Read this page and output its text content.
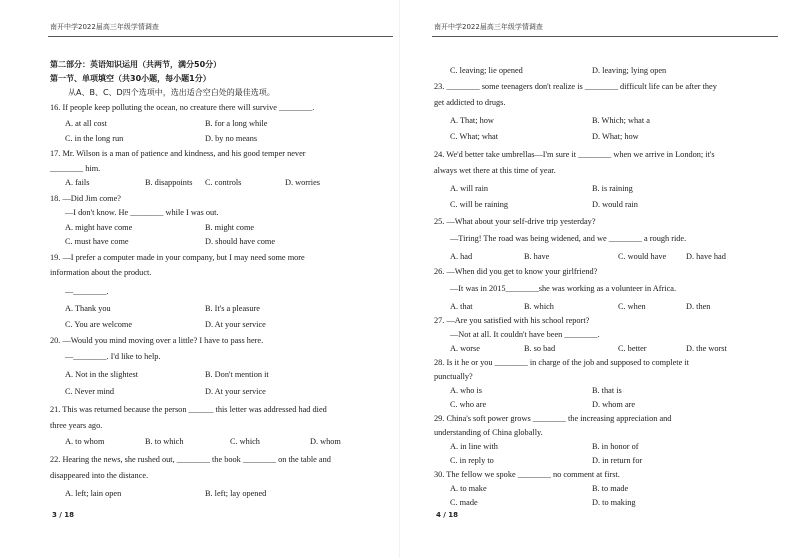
南开中学2022届高三年级学情调查
第二部分：英语知识运用（共两节，满分50分）
第一节、单项填空（共30小题，每小题1分）
从A、B、C、D四个选项中，选出适合空白处的最佳选项。
16. If people keep polluting the ocean, no creature there will survive ________.
A. at all cost	B. for a long while
C. in the long run	D. by no means
17. Mr. Wilson is a man of patience and kindness, and his good temper never
________ him.
A. fails	B. disappoints C. controls	D. worries
18. —Did Jim come?
—I don't know. He ________ while I was out.
A. might have come	B. might come
C. must have come	D. should have come
19. —I prefer a computer made in your company, but I may need some more
information about the product.
—________.
A. Thank you	B. It's a pleasure
C. You are welcome	D. At your service
20. —Would you mind moving over a little? I have to pass here.
—________. I'd like to help.
A. Not in the slightest	B. Don't mention it
C. Never mind	D. At your service
21. This was returned because the person ______ this letter was addressed had died
three years ago.
A. to whom	B. to which	C. which	D. whom
22. Hearing the news, she rushed out, ________ the book ________ on the table and
disappeared into the distance.
A. left; lain open	B. left; lay opened
3 / 18
南开中学2022届高三年级学情调查
C. leaving; lie opened	D. leaving; lying open
23. ________ some teenagers don't realize is ________ difficult life can be after they
get addicted to drugs.
A. That; how	B. Which; what a
C. What; what	D. What; how
24. We'd better take umbrellas—I'm sure it ________ when we arrive in London; it's
always wet there at this time of year.
A. will rain	B. is raining
C. will be raining	D. would rain
25. —What about your self-drive trip yesterday?
—Tiring! The road was being widened, and we ________ a rough ride.
A. had	B. have	C. would have D. have had
26. —When did you get to know your girlfriend?
—It was in 2015________she was working as a volunteer in Africa.
A. that	B. which	C. when	D. then
27. —Are you satisfied with his school report?
—Not at all. It couldn't have been ________.
A. worse	B. so bad	C. better	D. the worst
28. Is it he or you ________ in charge of the job and supposed to complete it
punctually?
A. who is	B. that is
C. who are	D. whom are
29. China's soft power grows ________ the increasing appreciation and
understanding of China globally.
A. in line with	B. in honor of
C. in reply to	D. in return for
30. The fellow we spoke ________ no comment at first.
A. to make	B. to made
C. made	D. to making
4 / 18
